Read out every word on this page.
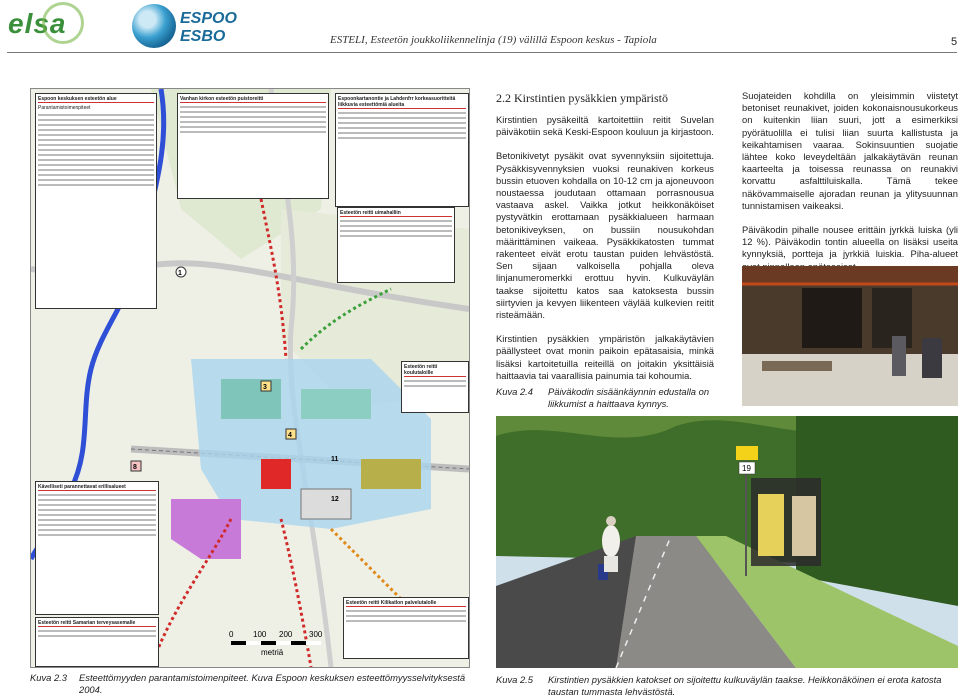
elsa	ESPOO
ESBO	ESTELI, Esteetön joukkoliikennelinja (19) välillä Espoon keskus - Tapiola	5
1
3
4
8
11
12
0 100 200 300
metriä
Espoon keskuksen esteetön alue
Parantamistoimenpiteet
Vanhan kirkon esteetön puistoreitti	Espoonkartanontie ja Lahdenfrr korkeasuoritteitä liikkuvia esteettömiä alueita
Esteetön reitti uimahalliin
Esteetön reitti koulutaloille
Kävelliseti parannettavat erillisalueet
Esteetön reitti Samarian terveysasemalle
Esteetön reitti Kilikatlon palvelutalolle
2.2 Kirstintien pysäkkien ympäristö

Kirstintien pysäkeiltä kartoitettiin reitit Suvelan päiväkotiin sekä Keski-Espoon kouluun ja kirjastoon.

Betonikivetyt pysäkit ovat syvennyksiin sijoitettuja. Pysäkkisyvennyksien vuoksi reunakiven korkeus bussin etuoven kohdalla on 10-12 cm ja ajoneuvoon noustaessa joudutaan ottamaan porrasnousua vastaava askel. Vaikka jotkut heikkonäköiset pystyvätkin erottamaan pysäkkialueen harmaan betonikiveyksen, on bussiin nousukohdan määrittäminen vaikeaa. Pysäkkikatosten tummat rakenteet eivät erotu taustan puiden lehvästöstä. Sen sijaan valkoisella pohjalla oleva linjanumeromerkki erottuu hyvin. Kulkuväylän taakse sijoitettu katos saa katoksesta bussin siirtyvien ja kevyen liikenteen väylää kulkevien reitit risteämään.

Kirstintien pysäkkien ympäristön jalkakäytävien päällysteet ovat monin paikoin epätasaisia, minkä lisäksi kartoitetuilla reiteillä on joitakin yksittäisiä haittaavia tai vaarallisia painumia tai kohoumia.

Suojateiden kohdilla on yleisimmin viistetyt betoniset reunakivet, joiden kokonaisnousukorkeus on kuitenkin liian suuri, jott a esimerkiksi pyörätuolilla ei tulisi liian suurta kallistusta ja keikahtamisen vaaraa. Sokinsuuntien suojatie lähtee koko leveydeltään jalkakäytävän reunan kaarteelta ja toisessa reunassa on reunakivi korvattu asfalttiluiskalla. Tämä tekee näkövammaiselle ajoradan reunan ja ylitysuunnan tunnistamisen vaikeaksi.

Päiväkodin pihalle nousee erittäin jyrkkä luiska (yli 12 %). Päiväkodin tontin alueella on lisäksi useita kynnyksiä, portteja ja jyrkkiä luiskia. Piha-alueet

Kuva 2.4 Päiväkodin sisäänkäynnin edustalla on liikkumist a haittaava kynnys.
19
Kuva 2.3 Esteettömyyden parantamistoimenpiteet. Kuva Espoon keskuksen esteettömyysselvityksestä 2004.
Kuva 2.5 Kirstintien pysäkkien katokset on sijoitettu kulkuväylän taakse. Heikkonäköinen ei erota katosta taustan tummasta lehvästöstä.
